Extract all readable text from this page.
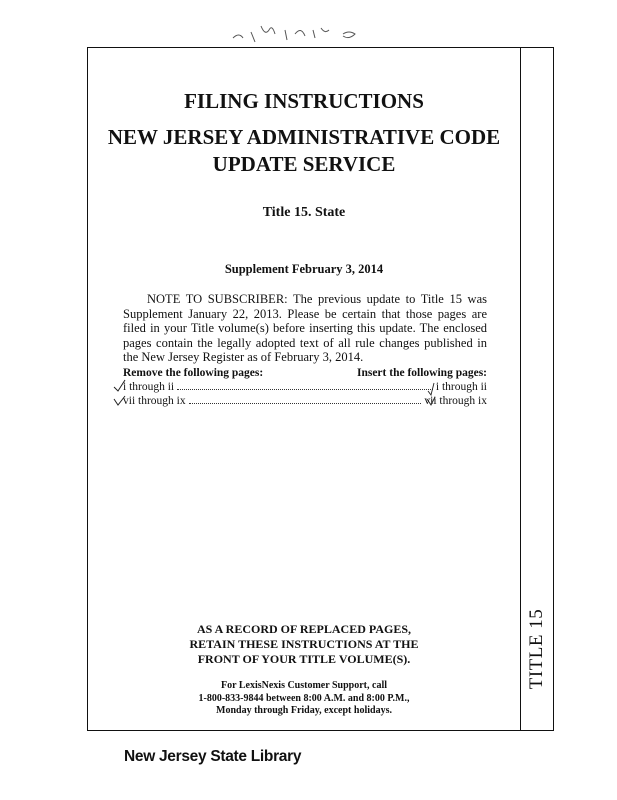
TITLE 15
FILING INSTRUCTIONS
NEW JERSEY ADMINISTRATIVE CODE
UPDATE SERVICE
Title 15. State
Supplement February 3, 2014
NOTE TO SUBSCRIBER: The previous update to Title 15 was Supplement January 22, 2013. Please be certain that those pages are filed in your Title volume(s) before inserting this update. The enclosed pages contain the legally adopted text of all rule changes published in the New Jersey Register as of February 3, 2014.
Remove the following pages:	Insert the following pages:
i through ii	i through ii
vii through ix	vii through ix
AS A RECORD OF REPLACED PAGES,
RETAIN THESE INSTRUCTIONS AT THE
FRONT OF YOUR TITLE VOLUME(S).
For LexisNexis Customer Support, call
1-800-833-9844 between 8:00 A.M. and 8:00 P.M.,
Monday through Friday, except holidays.
New Jersey State Library
